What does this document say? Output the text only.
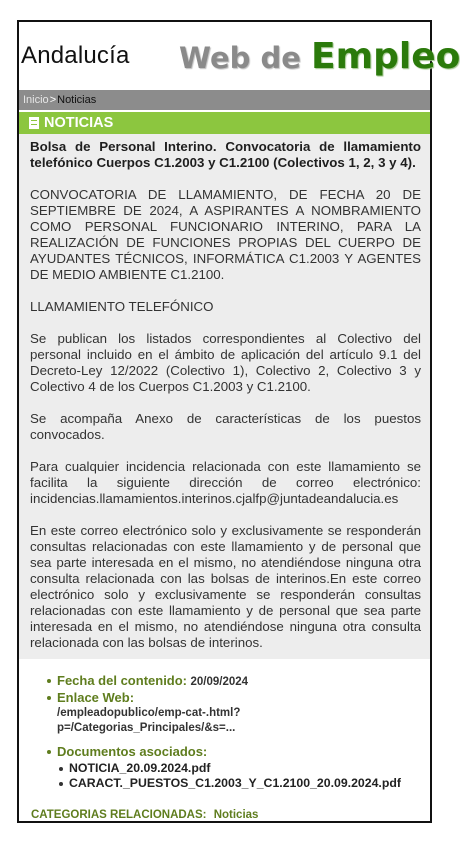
Andalucía Web de Empleo
Inicio>Noticias
NOTICIAS
Bolsa de Personal Interino. Convocatoria de llamamiento telefónico Cuerpos C1.2003 y C1.2100 (Colectivos 1, 2, 3 y 4).

CONVOCATORIA DE LLAMAMIENTO, DE FECHA 20 DE SEPTIEMBRE DE 2024, A ASPIRANTES A NOMBRAMIENTO COMO PERSONAL FUNCIONARIO INTERINO, PARA LA REALIZACIÓN DE FUNCIONES PROPIAS DEL CUERPO DE AYUDANTES TÉCNICOS, INFORMÁTICA C1.2003 Y AGENTES DE MEDIO AMBIENTE C1.2100.

LLAMAMIENTO TELEFÓNICO

Se publican los listados correspondientes al Colectivo del personal incluido en el ámbito de aplicación del artículo 9.1 del Decreto-Ley 12/2022 (Colectivo 1), Colectivo 2, Colectivo 3 y Colectivo 4 de los Cuerpos C1.2003 y C1.2100.

Se acompaña Anexo de características de los puestos convocados.

Para cualquier incidencia relacionada con este llamamiento se facilita la siguiente dirección de correo electrónico: incidencias.llamamientos.interinos.cjalfp@juntadeandalucia.es

En este correo electrónico solo y exclusivamente se responderán consultas relacionadas con este llamamiento y de personal que sea parte interesada en el mismo, no atendiéndose ninguna otra consulta relacionada con las bolsas de interinos.En este correo electrónico solo y exclusivamente se responderán consultas relacionadas con este llamamiento y de personal que sea parte interesada en el mismo, no atendiéndose ninguna otra consulta relacionada con las bolsas de interinos.

Fecha del contenido: 20/09/2024
Enlace Web:
/empleadopublico/emp-cat-.html?
p=/Categorias_Principales/&s=...
Documentos asociados:
NOTICIA_20.09.2024.pdf
CARACT._PUESTOS_C1.2003_Y_C1.2100_20.09.2024.pdf
CATEGORIAS RELACIONADAS: Noticias
